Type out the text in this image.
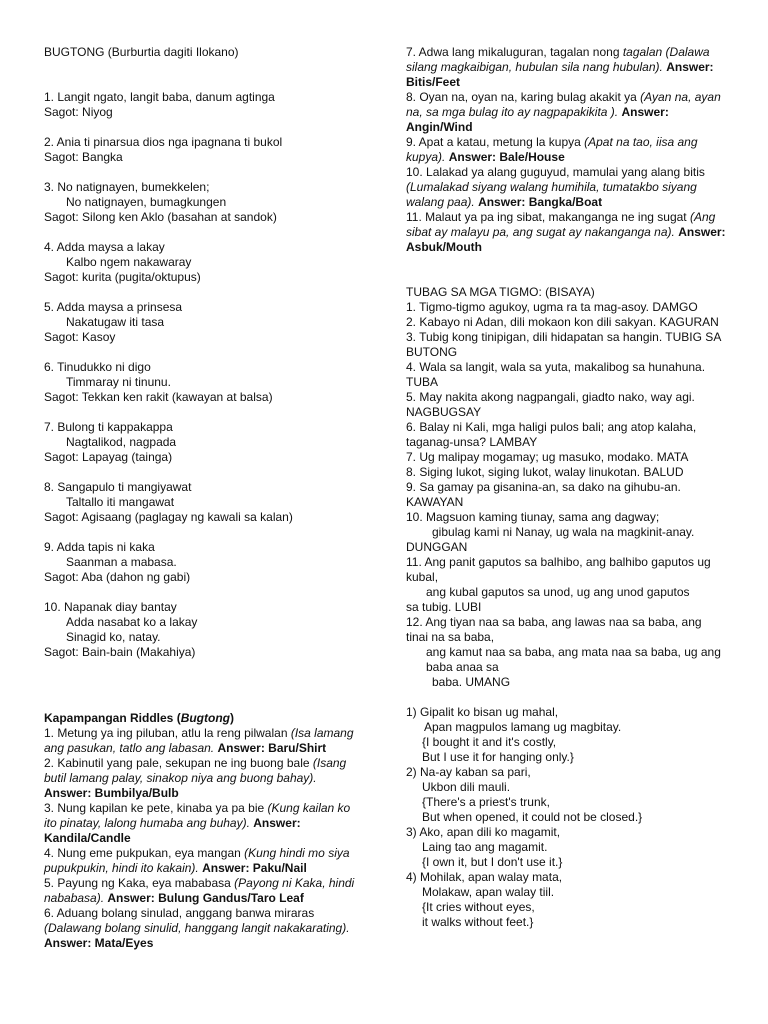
BUGTONG (Burburtia dagiti Ilokano)

1. Langit ngato, langit baba, danum agtinga

Sagot: Niyog

2. Ania ti pinarsua dios nga ipagnana ti bukol

Sagot: Bangka

3. No natignayen, bumekkelen;

No natignayen, bumagkungen

Sagot: Silong ken Aklo (basahan at sandok)

4. Adda maysa a lakay

Kalbo ngem nakawaray

Sagot: kurita (pugita/oktupus)

5. Adda maysa a prinsesa

Nakatugaw iti tasa

Sagot: Kasoy

6. Tinudukko ni digo

Timmaray ni tinunu.

Sagot: Tekkan ken rakit (kawayan at balsa)

7. Bulong ti kappakappa

Nagtalikod, nagpada

Sagot: Lapayag (tainga)

8. Sangapulo ti mangiyawat

Taltallo iti mangawat

Sagot: Agisaang (paglagay ng kawali sa kalan)

9. Adda tapis ni kaka

Saanman a mabasa.

Sagot: Aba (dahon ng gabi)

10. Napanak diay bantay

Adda nasabat ko a lakay

Sinagid ko, natay.

Sagot: Bain-bain (Makahiya)

Kapampangan Riddles (Bugtong)

1. Metung ya ing piluban, atlu la reng pilwalan (Isa lamang ang pasukan, tatlo ang labasan. Answer: Baru/Shirt

2. Kabinutil yang pale, sekupan ne ing buong bale (Isang butil lamang palay, sinakop niya ang buong bahay). Answer: Bumbilya/Bulb

3. Nung kapilan ke pete, kinaba ya pa bie (Kung kailan ko ito pinatay, lalong humaba ang buhay). Answer: Kandila/Candle

4. Nung eme pukpukan, eya mangan (Kung hindi mo siya pupukpukin, hindi ito kakain). Answer: Paku/Nail

5. Payung ng Kaka, eya mababasa (Payong ni Kaka, hindi nababasa). Answer: Bulung Gandus/Taro Leaf

6. Aduang bolang sinulad, anggang banwa miraras (Dalawang bolang sinulid, hanggang langit nakakarating). Answer: Mata/Eyes

7. Adwa lang mikaluguran, tagalan nong tagalan (Dalawa silang magkaibigan, hubulan sila nang hubulan). Answer: Bitis/Feet

8. Oyan na, oyan na, karing bulag akakit ya (Ayan na, ayan na, sa mga bulag ito ay nagpapakikita ). Answer: Angin/Wind

9. Apat a katau, metung la kupya (Apat na tao, iisa ang kupya). Answer: Bale/House

10. Lalakad ya alang guguyud, mamulai yang alang bitis (Lumalakad siyang walang humihila, tumatakbo siyang walang paa). Answer: Bangka/Boat

11. Malaut ya pa ing sibat, makanganga ne ing sugat (Ang sibat ay malayu pa, ang sugat ay nakanganga na). Answer: Asbuk/Mouth

TUBAG SA MGA TIGMO: (BISAYA)

1. Tigmo-tigmo agukoy, ugma ra ta mag-asoy. DAMGO

2. Kabayo ni Adan, dili mokaon kon dili sakyan. KAGURAN

3. Tubig kong tinipigan, dili hidapatan sa hangin. TUBIG SA BUTONG

4. Wala sa langit, wala sa yuta, makalibog sa hunahuna. TUBA

5. May nakita akong nagpangali, giadto nako, way agi. NAGBUGSAY

6. Balay ni Kali, mga haligi pulos bali; ang atop kalaha, taganag-unsa? LAMBAY

7. Ug malipay mogamay; ug masuko, modako. MATA

8. Siging lukot, siging lukot, walay linukotan. BALUD

9. Sa gamay pa gisanina-an, sa dako na gihubu-an. KAWAYAN

10. Magsuon kaming tiunay, sama ang dagway;

gibulag kami ni Nanay, ug wala na magkinit-anay.

DUNGGAN

11. Ang panit gaputos sa balhibo, ang balhibo gaputos ug kubal,

ang kubal gaputos sa unod, ug ang unod gaputos

sa tubig. LUBI

12. Ang tiyan naa sa baba, ang lawas naa sa baba, ang tinai na sa baba,

ang kamut naa sa baba, ang mata naa sa baba, ug ang baba anaa sa

baba. UMANG

1) Gipalit ko bisan ug mahal,

Apan magpulos lamang ug magbitay.

{I bought it and it's costly,

But I use it for hanging only.}

2) Na-ay kaban sa pari,

Ukbon dili mauli.

{There's a priest's trunk,

But when opened, it could not be closed.}

3) Ako, apan dili ko magamit,

Laing tao ang magamit.

{I own it, but I don't use it.}

4) Mohilak, apan walay mata,

Molakaw, apan walay tiil.

{It cries without eyes,

it walks without feet.}
